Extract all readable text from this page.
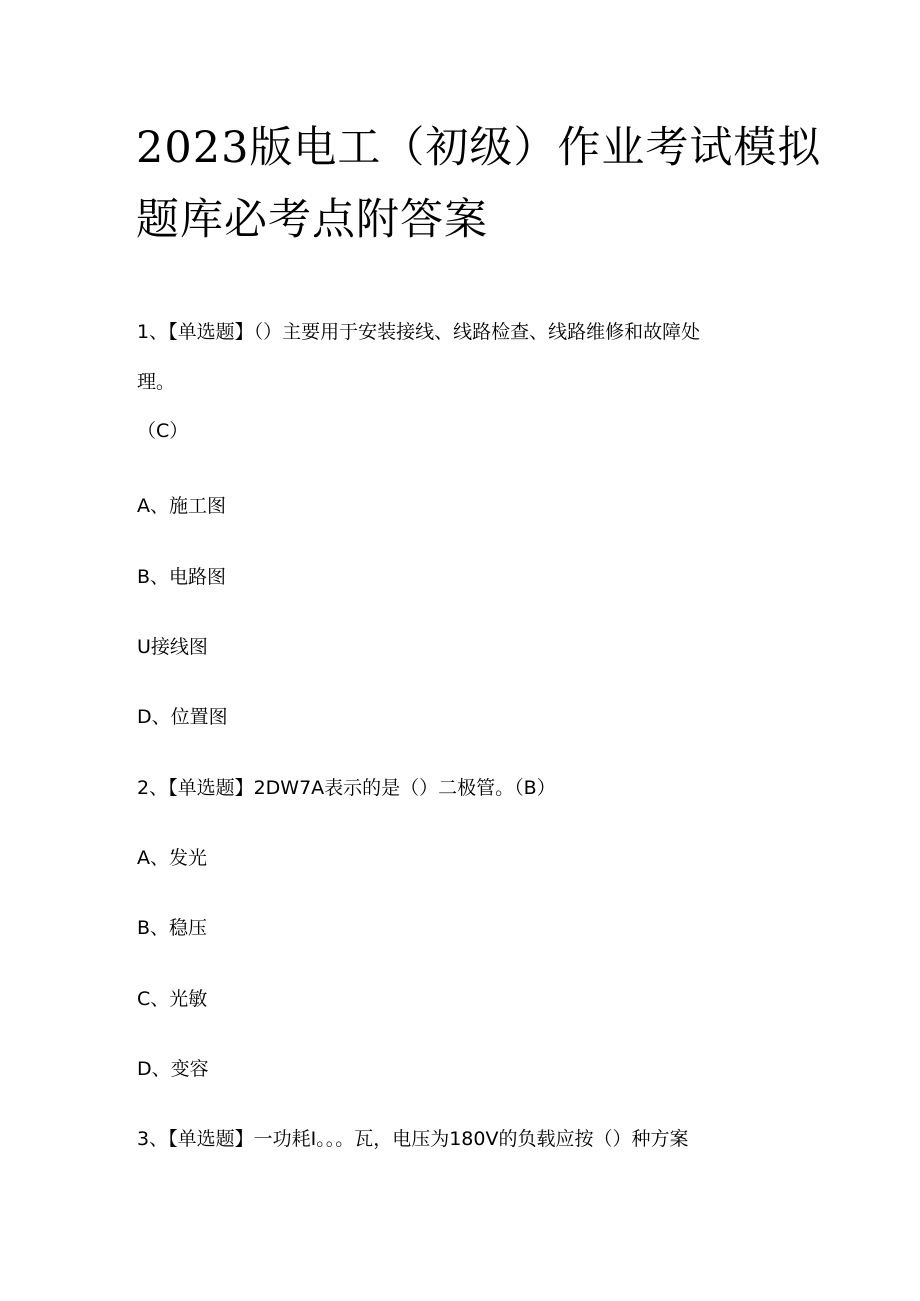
2023版电工（初级）作业考试模拟
题库必考点附答案
1、【单选题】（）主要用于安装接线、线路检查、线路维修和故障处
理。
（C）
A、施工图
B、电路图
U接线图
D、位置图
2、【单选题】2DW7A表示的是（）二极管。（B）
A、发光
B、稳压
C、光敏
D、变容
3、【单选题】一功耗I。。。瓦，电压为180V的负载应按（）种方案
